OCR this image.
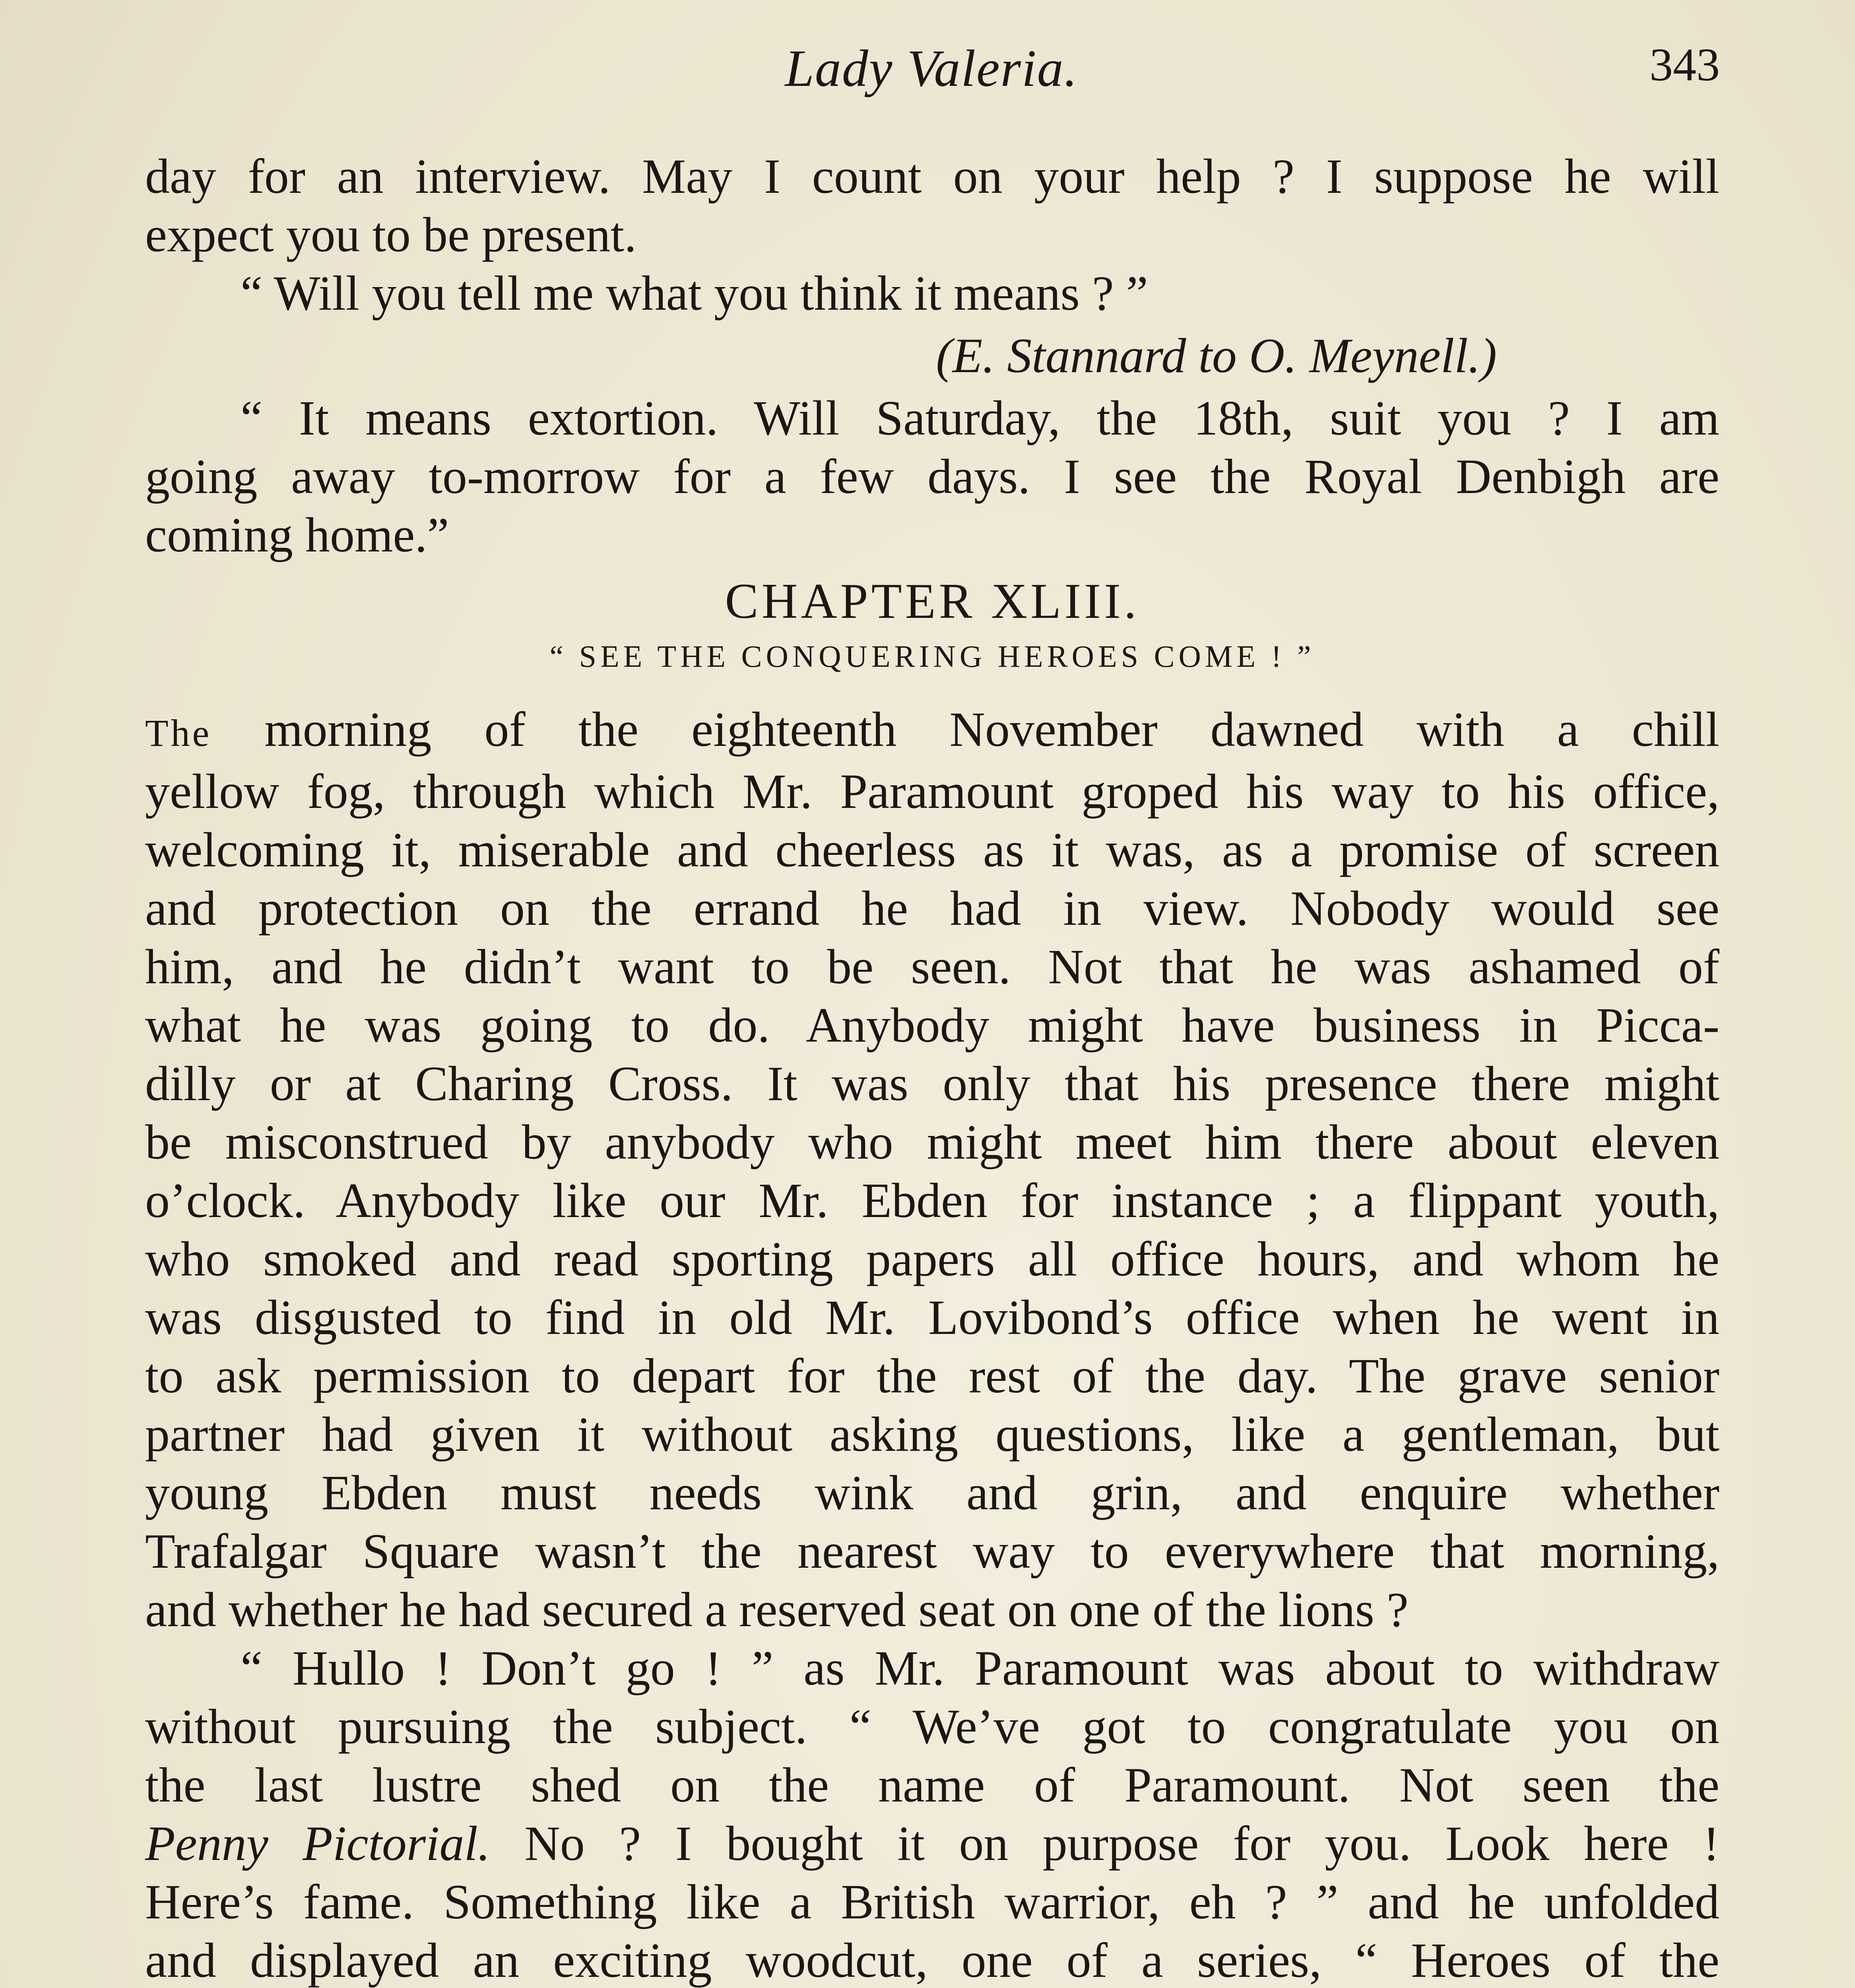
Lady Valeria.	343
day for an interview. May I count on your help ? I suppose he will
expect you to be present.
“ Will you tell me what you think it means ? ”
(E. Stannard to O. Meynell.)
“ It means extortion. Will Saturday, the 18th, suit you ? I am
going away to-morrow for a few days. I see the Royal Denbigh are
coming home.”
CHAPTER XLIII.
“ SEE THE CONQUERING HEROES COME ! ”
The morning of the eighteenth November dawned with a chill
yellow fog, through which Mr. Paramount groped his way to his office,
welcoming it, miserable and cheerless as it was, as a promise of screen
and protection on the errand he had in view. Nobody would see
him, and he didn’t want to be seen. Not that he was ashamed of
what he was going to do. Anybody might have business in Picca-
dilly or at Charing Cross. It was only that his presence there might
be misconstrued by anybody who might meet him there about eleven
o’clock. Anybody like our Mr. Ebden for instance ; a flippant youth,
who smoked and read sporting papers all office hours, and whom he
was disgusted to find in old Mr. Lovibond’s office when he went in
to ask permission to depart for the rest of the day. The grave senior
partner had given it without asking questions, like a gentleman, but
young Ebden must needs wink and grin, and enquire whether
Trafalgar Square wasn’t the nearest way to everywhere that morning,
and whether he had secured a reserved seat on one of the lions ?
“ Hullo ! Don’t go ! ” as Mr. Paramount was about to withdraw
without pursuing the subject. “ We’ve got to congratulate you on
the last lustre shed on the name of Paramount. Not seen the
Penny Pictorial. No ? I bought it on purpose for you. Look here !
Here’s fame. Something like a British warrior, eh ? ” and he unfolded
and displayed an exciting woodcut, one of a series, “ Heroes of the
